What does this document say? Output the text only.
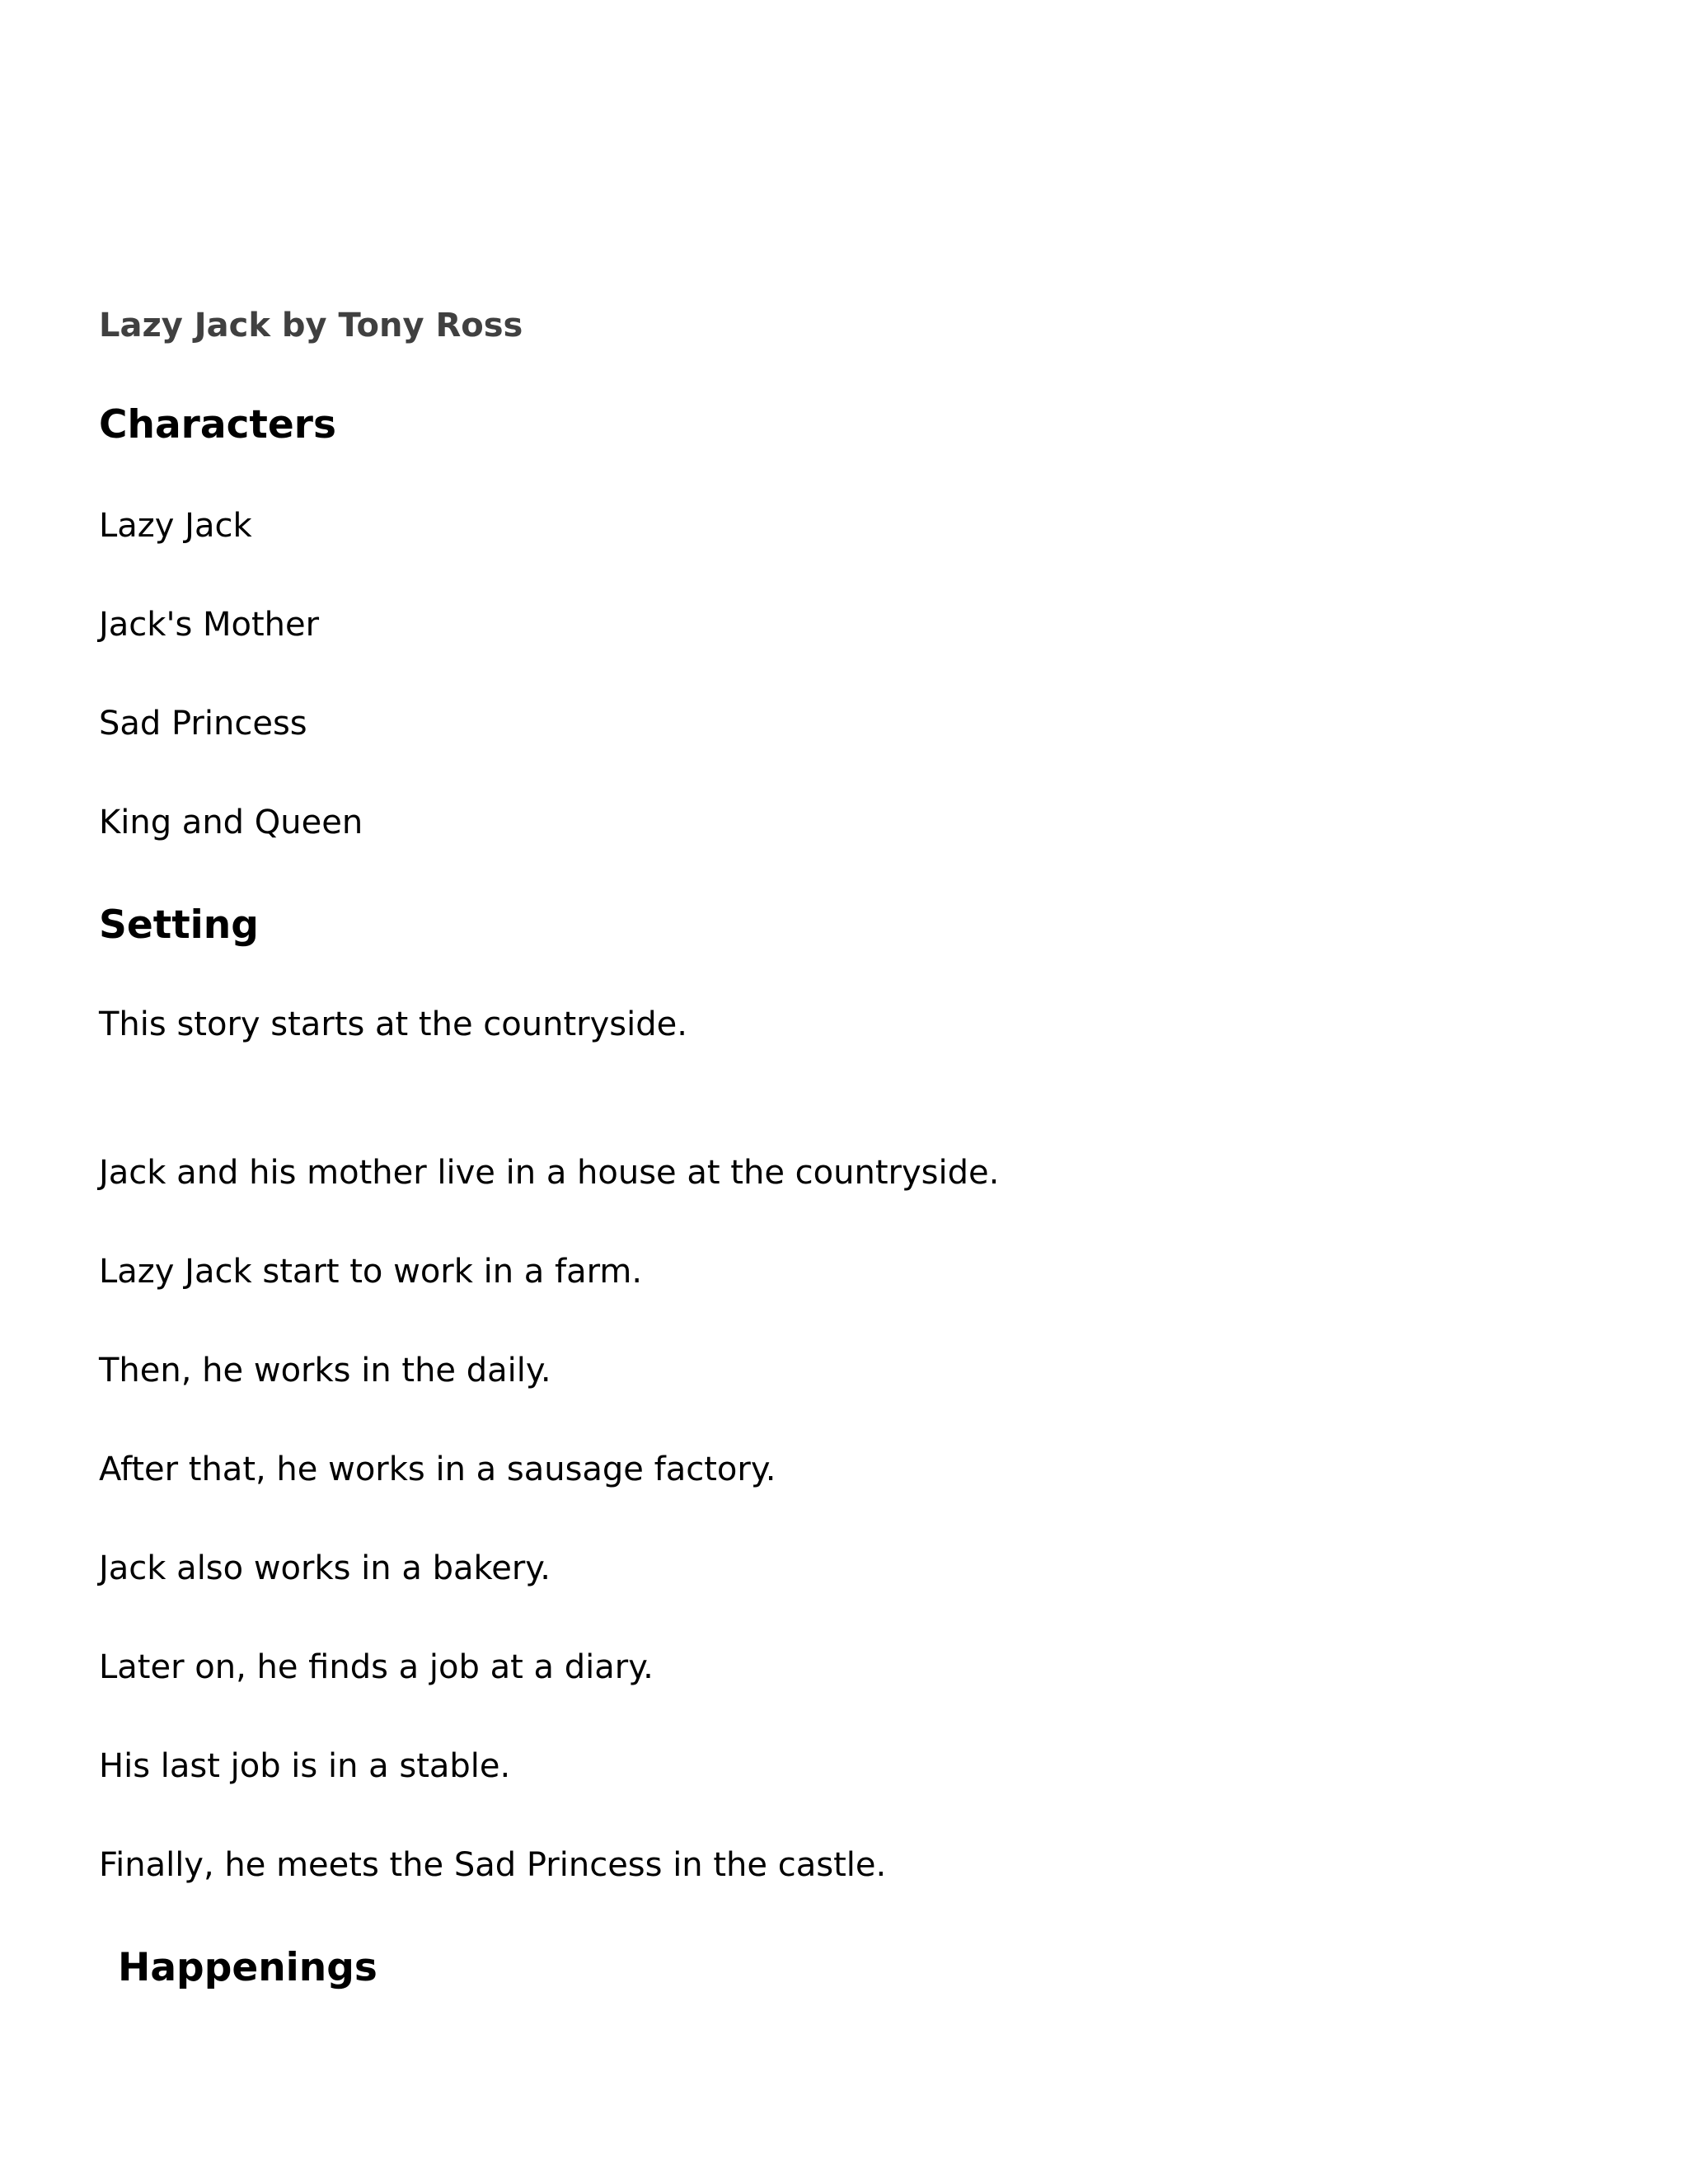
Lazy Jack by Tony Ross
Characters
Lazy Jack
Jack's Mother
Sad Princess
King and Queen
Setting
This story starts at the countryside.
Jack and his mother live in a house at the countryside.
Lazy Jack start to work in a farm.
Then, he works in the daily.
After that, he works in a sausage factory.
Jack also works in a bakery.
Later on, he finds a job at a diary.
His last job is in a stable.
Finally, he meets the Sad Princess in the castle.
Happenings
